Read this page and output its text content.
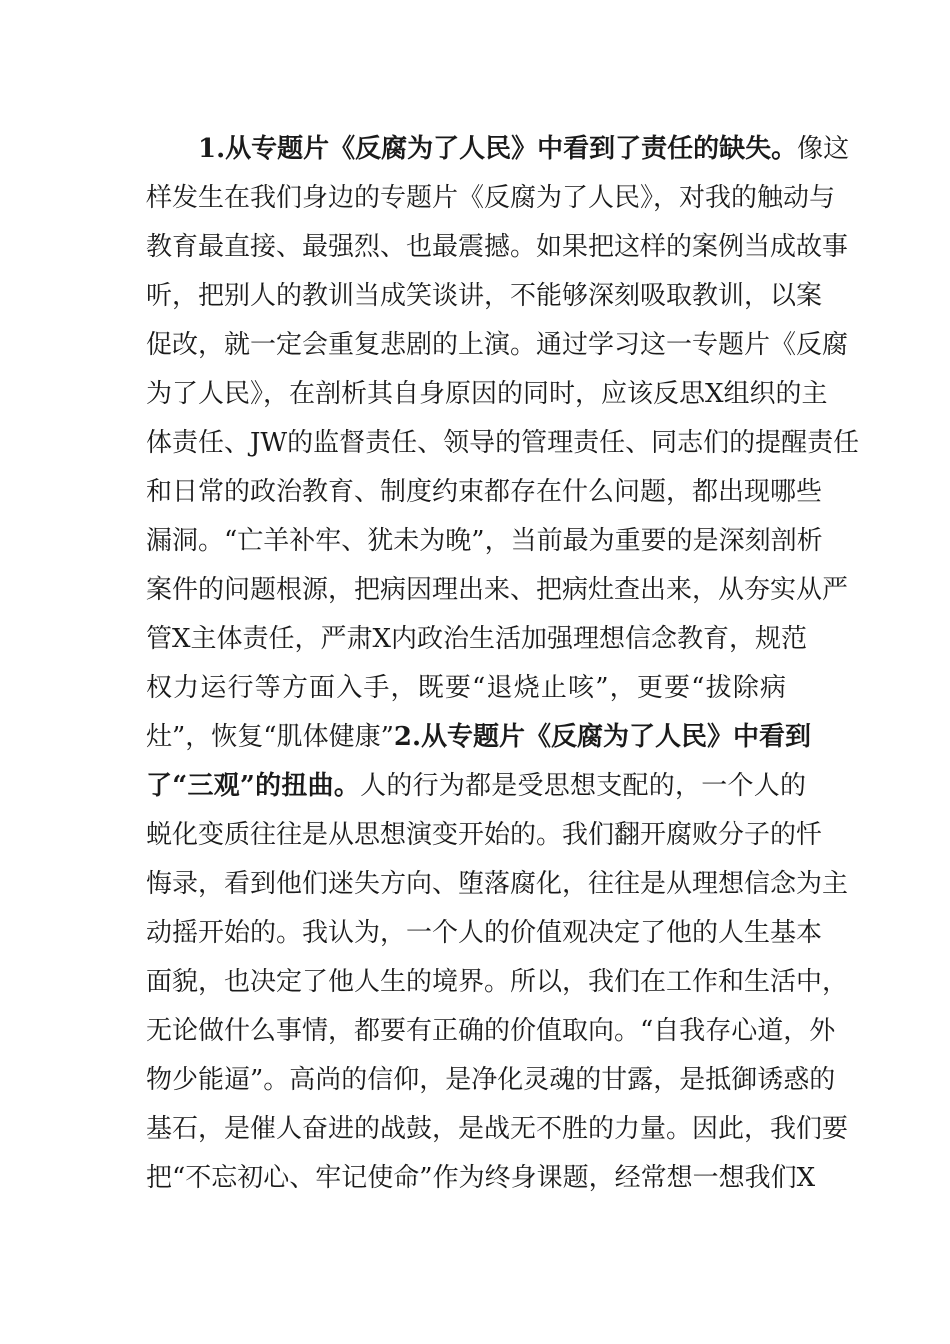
1.从专题片《反腐为了人民》中看到了责任的缺失。像这
样发生在我们身边的专题片《反腐为了人民》，对我的触动与
教育最直接、最强烈、也最震撼。如果把这样的案例当成故事
听，把别人的教训当成笑谈讲，不能够深刻吸取教训，以案
促改，就一定会重复悲剧的上演。通过学习这一专题片《反腐
为了人民》，在剖析其自身原因的同时，应该反思X组织的主
体责任、JW的监督责任、领导的管理责任、同志们的提醒责任
和日常的政治教育、制度约束都存在什么问题，都出现哪些
漏洞。“亡羊补牢、犹未为晚”，当前最为重要的是深刻剖析
案件的问题根源，把病因理出来、把病灶查出来，从夯实从严
管X主体责任，严肃X内政治生活加强理想信念教育，规范
权力运行等方面入手，既要“退烧止咳”，更要“拔除病
灶”，恢复“肌体健康”2.从专题片《反腐为了人民》中看到
了“三观”的扭曲。人的行为都是受思想支配的，一个人的
蜕化变质往往是从思想演变开始的。我们翻开腐败分子的忏
悔录，看到他们迷失方向、堕落腐化，往往是从理想信念为主
动摇开始的。我认为，一个人的价值观决定了他的人生基本
面貌，也决定了他人生的境界。所以，我们在工作和生活中，
无论做什么事情，都要有正确的价值取向。“自我存心道，外
物少能逼”。高尚的信仰，是净化灵魂的甘露，是抵御诱惑的
基石，是催人奋进的战鼓，是战无不胜的力量。因此，我们要
把“不忘初心、牢记使命”作为终身课题，经常想一想我们X
